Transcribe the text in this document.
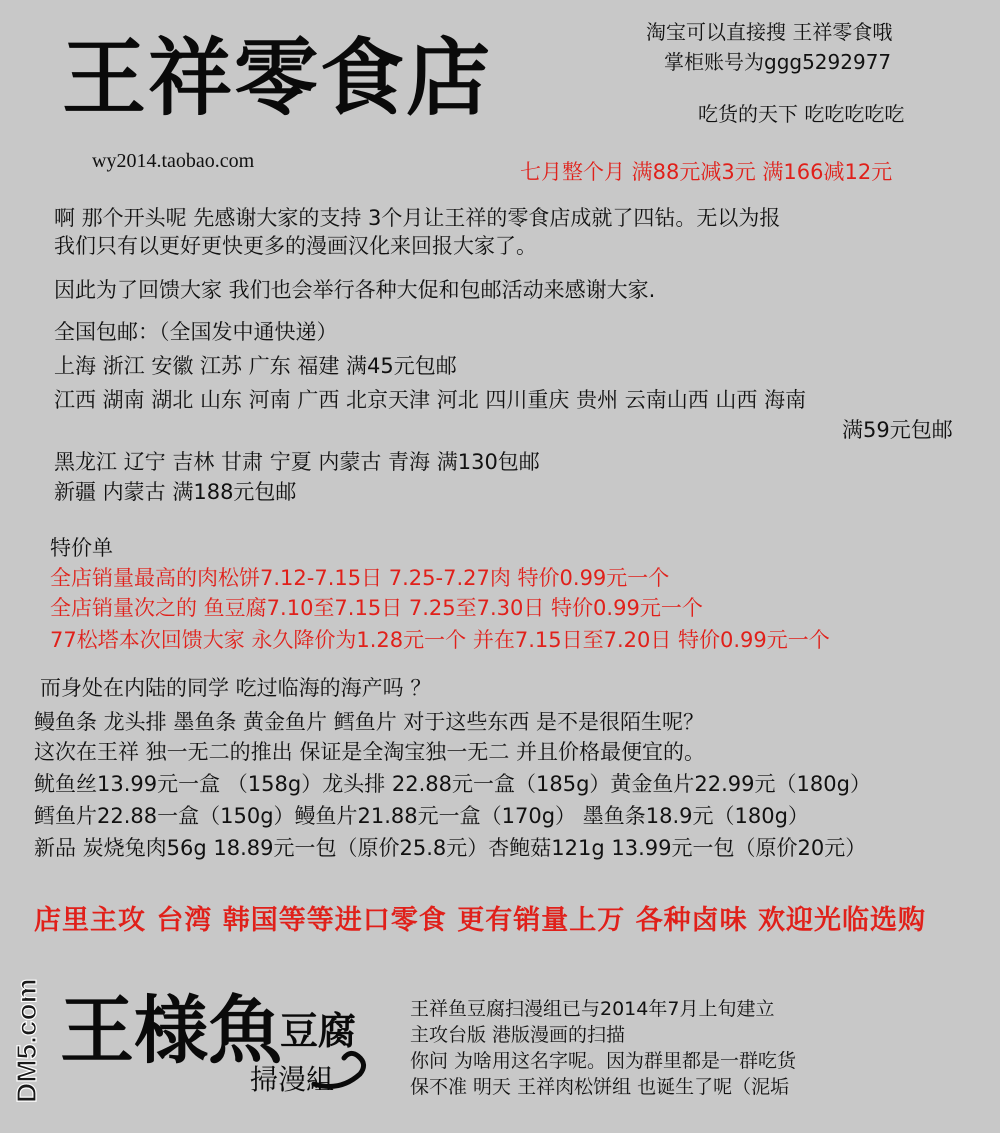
王祥零食店
wy2014.taobao.com
淘宝可以直接搜 王祥零食哦
掌柜账号为ggg5292977
吃货的天下 吃吃吃吃吃
七月整个月 满88元减3元 满166减12元
啊 那个开头呢 先感谢大家的支持 3个月让王祥的零食店成就了四钻。无以为报
我们只有以更好更快更多的漫画汉化来回报大家了。
因此为了回馈大家 我们也会举行各种大促和包邮活动来感谢大家.
全国包邮：（全国发中通快递）
上海 浙江 安徽 江苏 广东 福建 满45元包邮
江西 湖南 湖北 山东 河南 广西 北京天津 河北 四川重庆 贵州 云南山西 山西 海南
满59元包邮
黑龙江 辽宁 吉林 甘肃 宁夏 内蒙古 青海 满130包邮
新疆 内蒙古 满188元包邮
特价单
全店销量最高的肉松饼7.12-7.15日 7.25-7.27肉 特价0.99元一个
全店销量次之的 鱼豆腐7.10至7.15日 7.25至7.30日 特价0.99元一个
77松塔本次回馈大家 永久降价为1.28元一个 并在7.15日至7.20日 特价0.99元一个
而身处在内陆的同学 吃过临海的海产吗 ？
鳗鱼条 龙头排 墨鱼条 黄金鱼片 鳕鱼片 对于这些东西 是不是很陌生呢？
这次在王祥 独一无二的推出 保证是全淘宝独一无二 并且价格最便宜的。
鱿鱼丝13.99元一盒 （158g）龙头排 22.88元一盒（185g）黄金鱼片22.99元（180g）
鳕鱼片22.88一盒（150g）鳗鱼片21.88元一盒（170g） 墨鱼条18.9元（180g）
新品 炭烧兔肉56g 18.89元一包（原价25.8元）杏鲍菇121g 13.99元一包（原价20元）
店里主攻 台湾 韩国等等进口零食 更有销量上万 各种卤味 欢迎光临选购
DM5.com 王様魚
豆腐
掃漫組
王祥鱼豆腐扫漫组已与2014年7月上旬建立
主攻台版 港版漫画的扫描
你问 为啥用这名字呢。因为群里都是一群吃货
保不准 明天 王祥肉松饼组 也诞生了呢（泥垢
